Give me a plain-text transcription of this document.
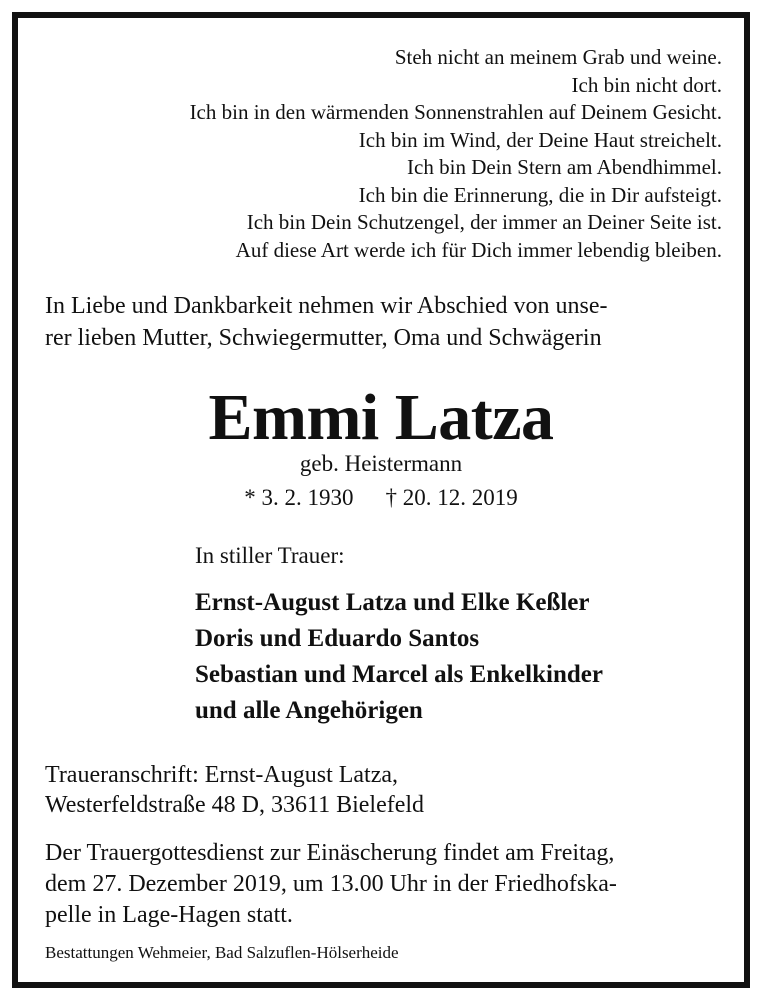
Steh nicht an meinem Grab und weine.
Ich bin nicht dort.
Ich bin in den wärmenden Sonnenstrahlen auf Deinem Gesicht.
Ich bin im Wind, der Deine Haut streichelt.
Ich bin Dein Stern am Abendhimmel.
Ich bin die Erinnerung, die in Dir aufsteigt.
Ich bin Dein Schutzengel, der immer an Deiner Seite ist.
Auf diese Art werde ich für Dich immer lebendig bleiben.
In Liebe und Dankbarkeit nehmen wir Abschied von unse-
rer lieben Mutter, Schwiegermutter, Oma und Schwägerin
Emmi Latza
geb. Heistermann
* 3. 2. 1930 † 20. 12. 2019
In stiller Trauer:
Ernst-August Latza und Elke Keßler
Doris und Eduardo Santos
Sebastian und Marcel als Enkelkinder
und alle Angehörigen
Traueranschrift: Ernst-August Latza,
Westerfeldstraße 48 D, 33611 Bielefeld
Der Trauergottesdienst zur Einäscherung findet am Freitag,
dem 27. Dezember 2019, um 13.00 Uhr in der Friedhofska-
pelle in Lage-Hagen statt.
Bestattungen Wehmeier, Bad Salzuflen-Hölserheide
